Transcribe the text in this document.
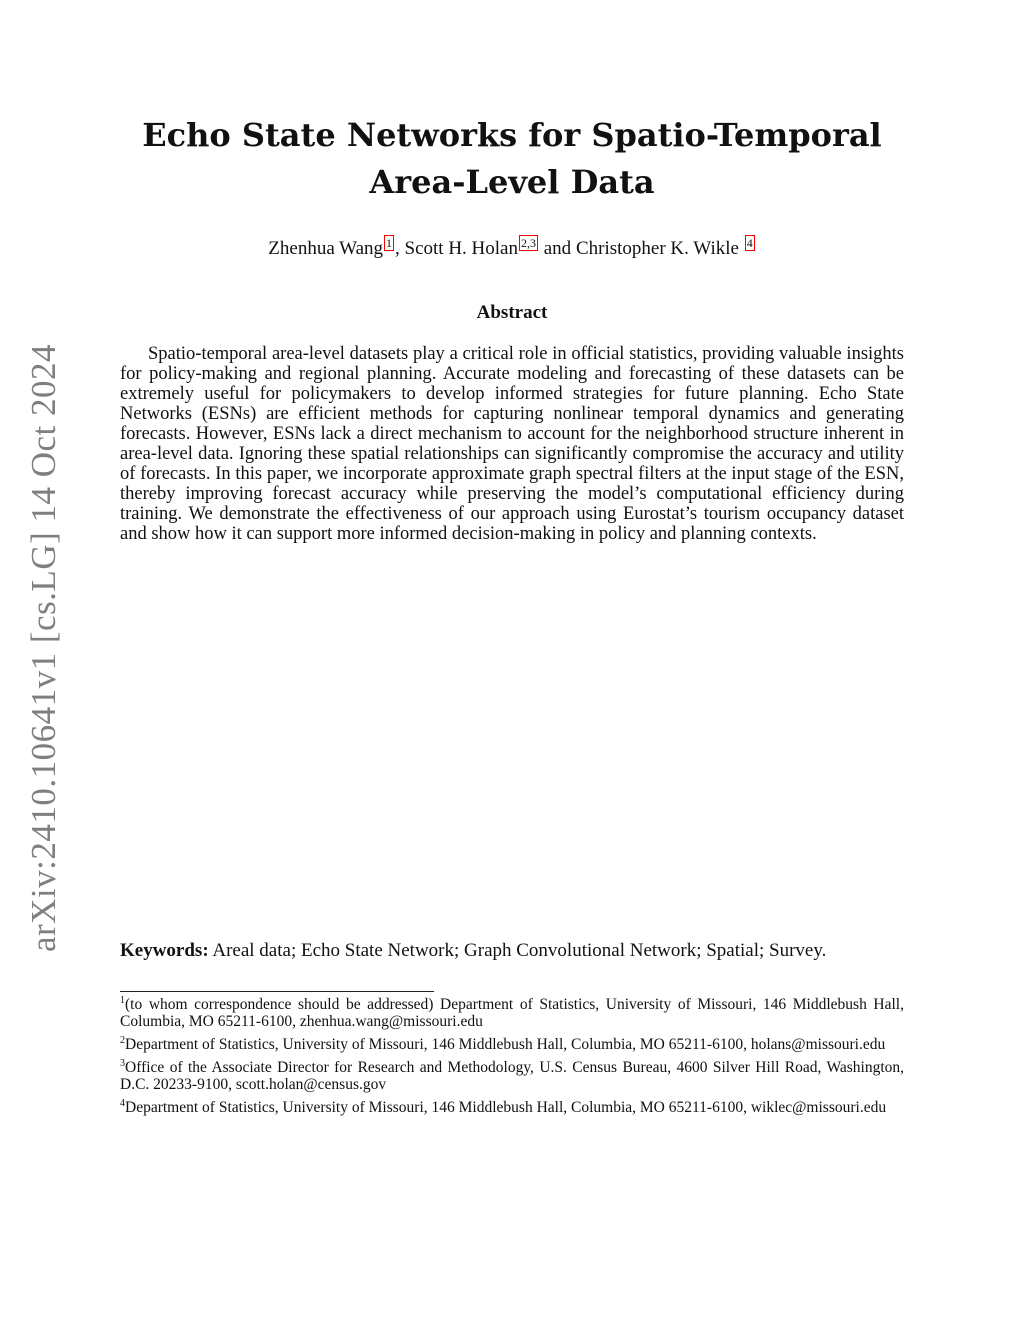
arXiv:2410.10641v1 [cs.LG] 14 Oct 2024
Echo State Networks for Spatio-Temporal Area-Level Data
Zhenhua Wang $^1$ , Scott H. Holan $^{2,3}$ and Christopher K. Wikle $^4$
Abstract

Spatio-temporal area-level datasets play a critical role in official statistics, providing valuable insights for policy-making and regional planning. Accurate modeling and forecasting of these datasets can be extremely useful for policymakers to develop informed strategies for future planning. Echo State Networks (ESNs) are efficient methods for capturing nonlinear temporal dynamics and generating forecasts. However, ESNs lack a direct mechanism to account for the neighborhood structure inherent in area-level data. Ignoring these spatial relationships can significantly compromise the accuracy and utility of forecasts. In this paper, we incorporate approximate graph spectral filters at the input stage of the ESN, thereby improving forecast accuracy while preserving the model’s computational efficiency during training. We demonstrate the effectiveness of our approach using Eurostat’s tourism occupancy dataset and show how it can support more informed decision-making in policy and planning contexts.

Keywords: Areal data; Echo State Network; Graph Convolutional Network; Spatial; Survey.

$^1$(to whom correspondence should be addressed) Department of Statistics, University of Missouri, 146 Middlebush Hall, Columbia, MO 65211-6100, zhenhua.wang@missouri.edu

$^2$Department of Statistics, University of Missouri, 146 Middlebush Hall, Columbia, MO 65211-6100, holans@missouri.edu

$^3$Office of the Associate Director for Research and Methodology, U.S. Census Bureau, 4600 Silver Hill Road, Washington, D.C. 20233-9100, scott.holan@census.gov

$^4$Department of Statistics, University of Missouri, 146 Middlebush Hall, Columbia, MO 65211-6100, wiklec@missouri.edu
